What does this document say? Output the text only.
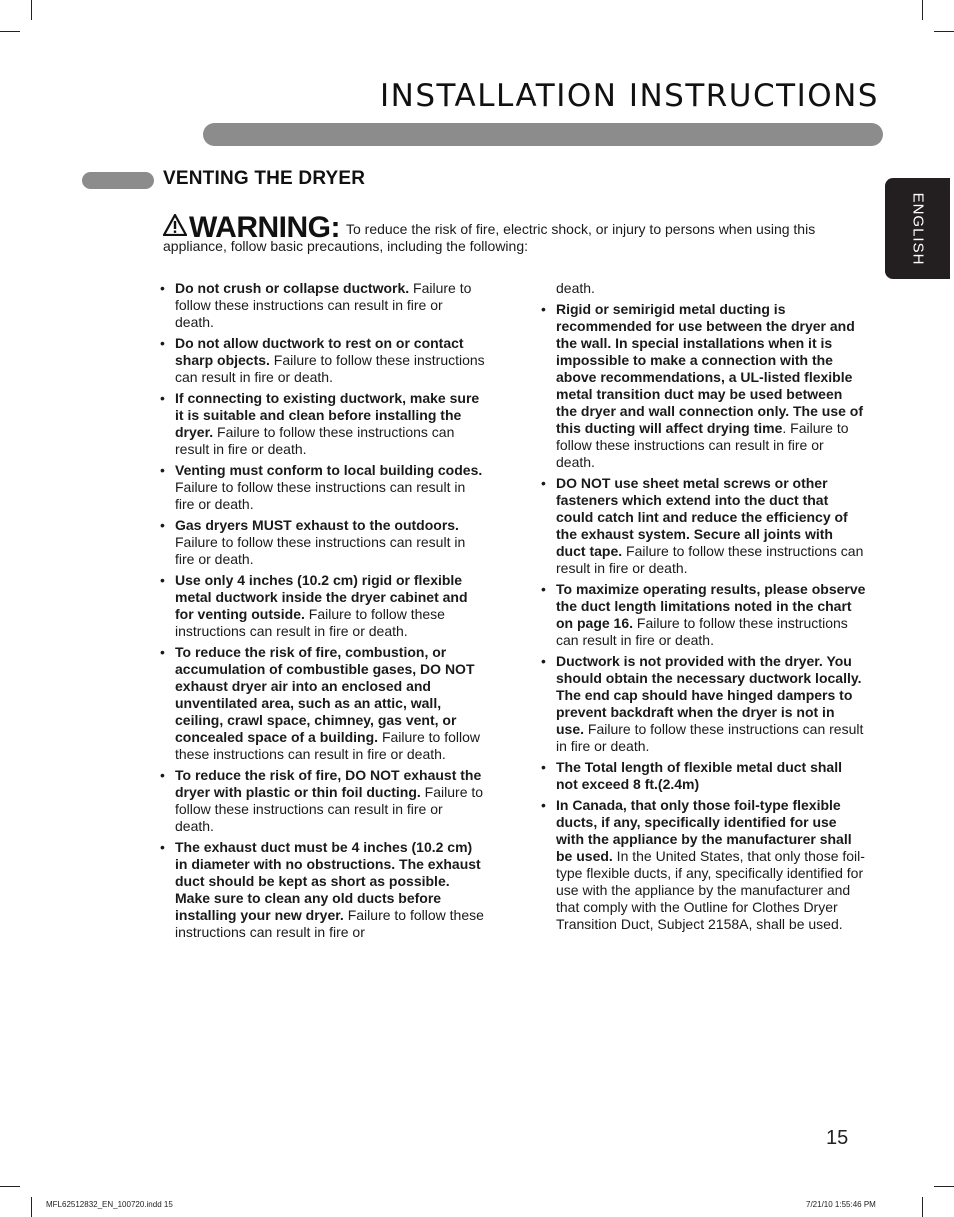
INSTALLATION INSTRUCTIONS
VENTING THE DRYER
ENGLISH
WARNING: To reduce the risk of fire, electric shock, or injury to persons when using this
appliance, follow basic precautions, including the following:
• Do not crush or collapse ductwork. Failure to follow these instructions can result in fire or death.
• Do not allow ductwork to rest on or contact sharp objects. Failure to follow these instructions can result in fire or death.
• If connecting to existing ductwork, make sure it is suitable and clean before installing the dryer. Failure to follow these instructions can result in fire or death.
• Venting must conform to local building codes. Failure to follow these instructions can result in fire or death.
• Gas dryers MUST exhaust to the outdoors. Failure to follow these instructions can result in fire or death.
• Use only 4 inches (10.2 cm) rigid or flexible metal ductwork inside the dryer cabinet and for venting outside. Failure to follow these instructions can result in fire or death.
• To reduce the risk of fire, combustion, or accumulation of combustible gases, DO NOT exhaust dryer air into an enclosed and unventilated area, such as an attic, wall, ceiling, crawl space, chimney, gas vent, or concealed space of a building. Failure to follow these instructions can result in fire or death.
• To reduce the risk of fire, DO NOT exhaust the dryer with plastic or thin foil ducting. Failure to follow these instructions can result in fire or death.
• The exhaust duct must be 4 inches (10.2 cm) in diameter with no obstructions. The exhaust duct should be kept as short as possible. Make sure to clean any old ducts before installing your new dryer. Failure to follow these instructions can result in fire or
death.
• Rigid or semirigid metal ducting is recommended for use between the dryer and the wall. In special installations when it is impossible to make a connection with the above recommendations, a UL-listed flexible metal transition duct may be used between the dryer and wall connection only. The use of this ducting will affect drying time. Failure to follow these instructions can result in fire or death.
• DO NOT use sheet metal screws or other fasteners which extend into the duct that could catch lint and reduce the efficiency of the exhaust system. Secure all joints with duct tape. Failure to follow these instructions can result in fire or death.
• To maximize operating results, please observe the duct length limitations noted in the chart on page 16. Failure to follow these instructions can result in fire or death.
• Ductwork is not provided with the dryer. You should obtain the necessary ductwork locally. The end cap should have hinged dampers to prevent backdraft when the dryer is not in use. Failure to follow these instructions can result in fire or death.
• The Total length of flexible metal duct shall not exceed 8 ft.(2.4m)
• In Canada, that only those foil-type flexible ducts, if any, specifically identified for use with the appliance by the manufacturer shall be used. In the United States, that only those foil-type flexible ducts, if any, specifically identified for use with the appliance by the manufacturer and that comply with the Outline for Clothes Dryer Transition Duct, Subject 2158A, shall be used.
15
MFL62512832_EN_100720.indd 15	7/21/10 1:55:46 PM
